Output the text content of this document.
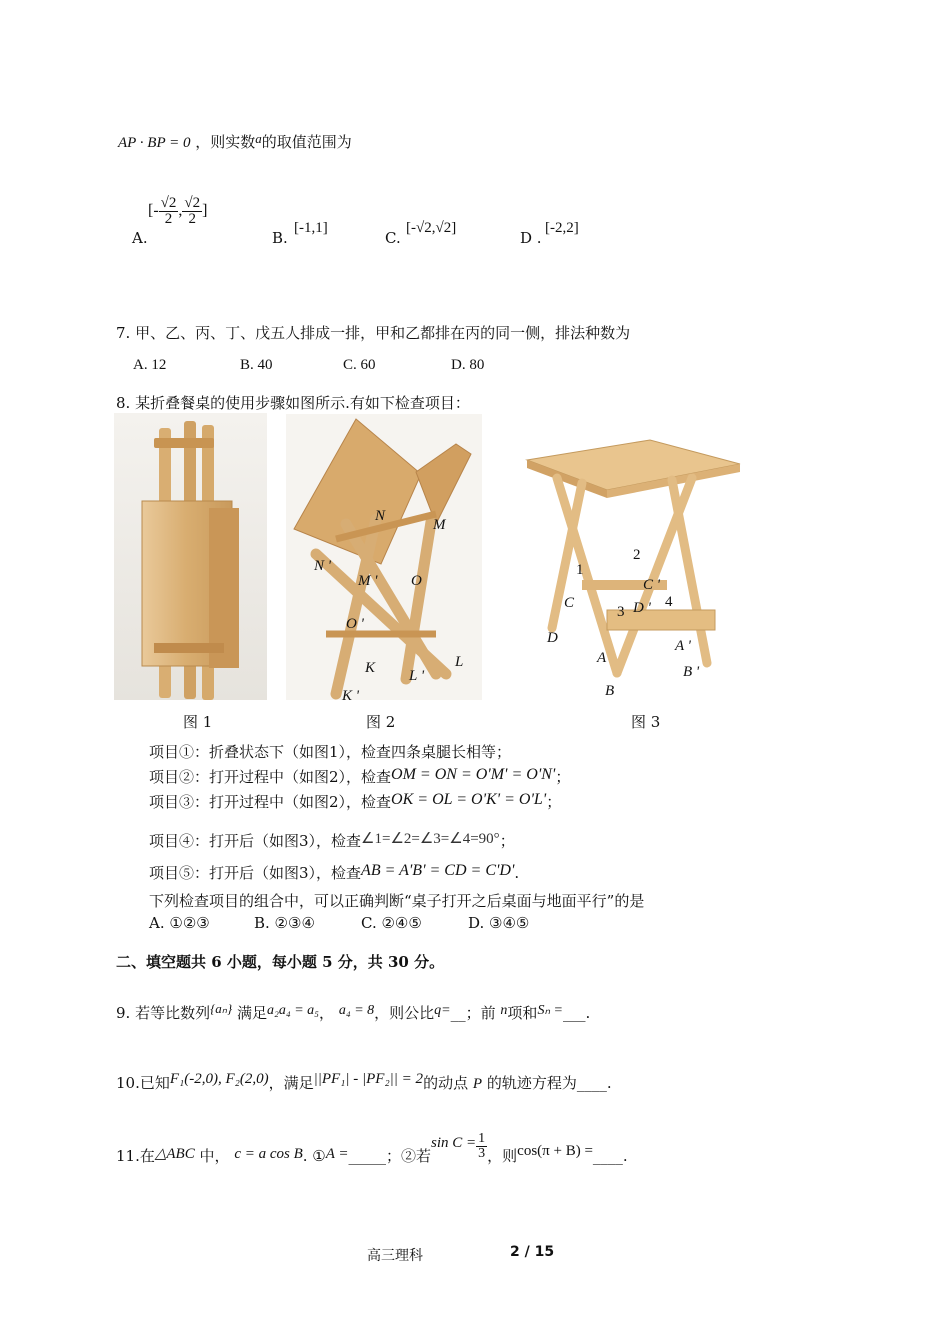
AP · BP = 0 ，则实数a的取值范围为
A.
[- $\frac{√2}{2}$ , $\frac{√2}{2}$ ]
B.
[-1,1]
C.
[-√2,√2]
D .
[-2,2]
7. 甲、乙、丙、丁、戊五人排成一排，甲和乙都排在丙的同一侧，排法种数为
A. 12	B. 40	C. 60	D. 80
8. 某折叠餐桌的使用步骤如图所示.有如下检查项目：
N
M
N '
M ' O
O '
K	L
L '
K '
1
2
C '
C
3 D ' 4
D	A '
A
B '
B
图 1	图 2	图 3
项目①：折叠状态下（如图1），检查四条桌腿长相等；
项目②：打开过程中（如图2），检查OM = ON = O'M' = O'N'；
项目③：打开过程中（如图2），检查OK = OL = O'K' = O'L'；
项目④：打开后（如图3），检查∠1=∠2=∠3=∠4=90°；
项目⑤：打开后（如图3），检查AB = A'B' = CD = C'D'.
下列检查项目的组合中，可以正确判断“桌子打开之后桌面与地面平行”的是
A. ①②③	B. ②③④	C. ②④⑤	D. ③④⑤
二、填空题共 6 小题，每小题 5 分，共 30 分。
9. 若等比数列{aₙ} 满足a₂a₄ = a₅， a₄ = 8，则公比q=__；前 n项和Sₙ =___.
10.已知F₁(-2,0), F₂(2,0)，满足||PF₁| - |PF₂|| = 2的动点 P 的轨迹方程为____.
11.在△ABC 中， c = a cos B. ①A =_____；②若$\sin C = \frac{1}{3}$ ，则cos(π + B) =____.
高三理科	2 / 15
